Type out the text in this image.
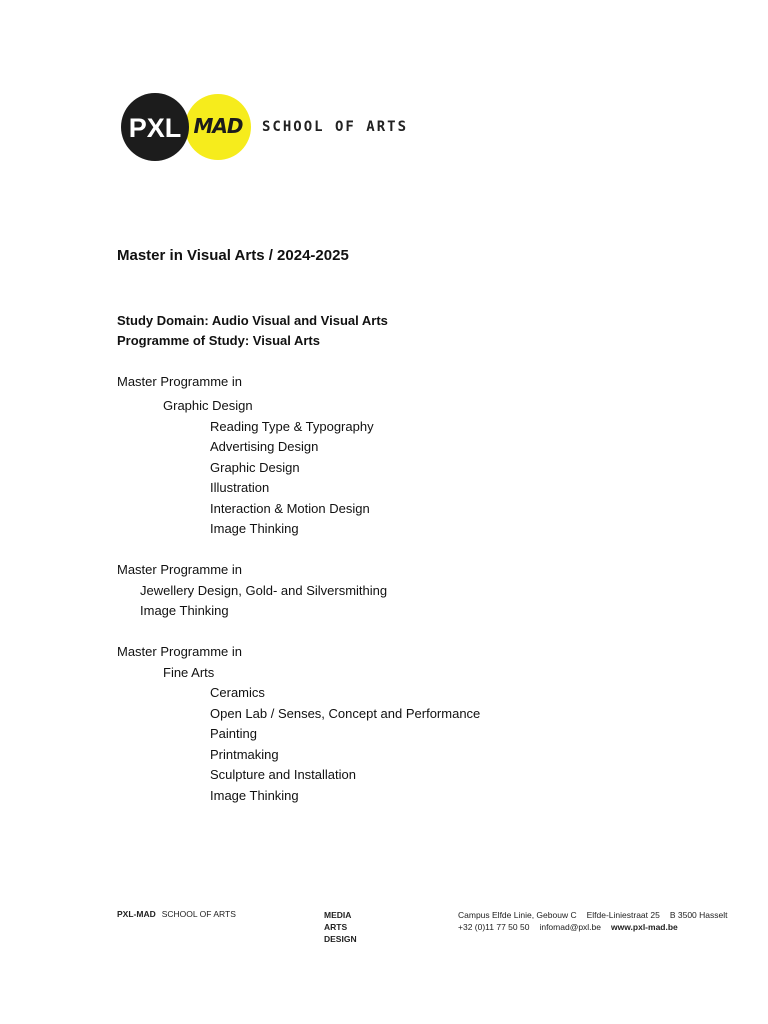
PXL MAD SCHOOL OF ARTS
Master in Visual Arts / 2024-2025
Study Domain: Audio Visual and Visual Arts
Programme of Study: Visual Arts
Master Programme in
Graphic Design
Reading Type & Typography
Advertising Design
Graphic Design
Illustration
Interaction & Motion Design
Image Thinking
Master Programme in
Jewellery Design, Gold- and Silversmithing
Image Thinking
Master Programme in
Fine Arts
Ceramics
Open Lab / Senses, Concept and Performance
Painting
Printmaking
Sculpture and Installation
Image Thinking
PXL-MAD SCHOOL OF ARTS	MEDIA
ARTS
DESIGN
Campus Elfde Linie, Gebouw C Elfde-Liniestraat 25 B 3500 Hasselt
+32 (0)11 77 50 50 infomad@pxl.be www.pxl-mad.be
